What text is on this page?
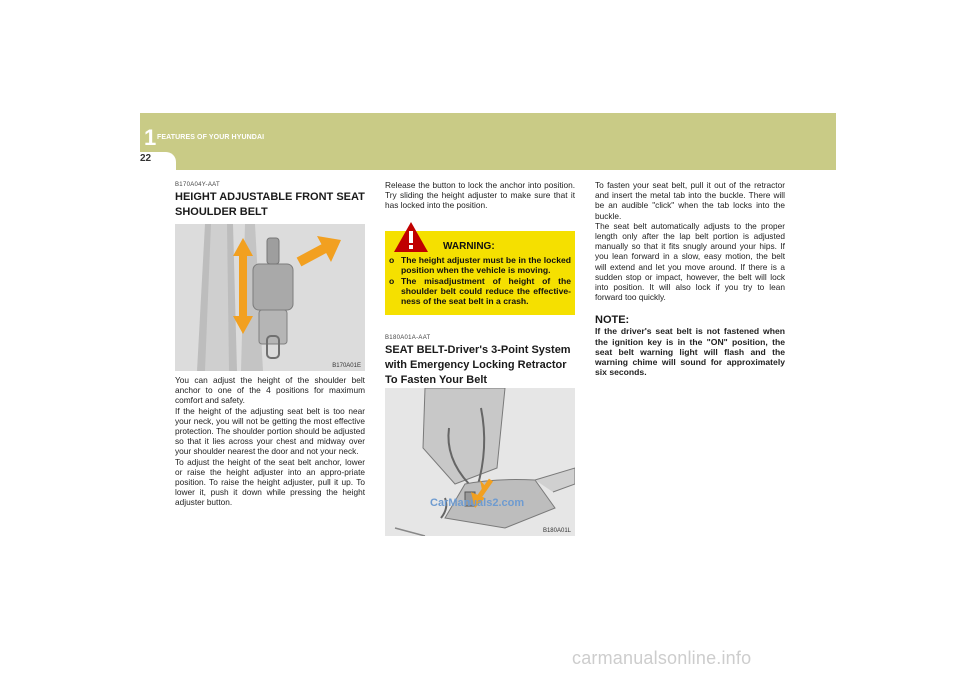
1 FEATURES OF YOUR HYUNDAI
22
B170A04Y-AAT
HEIGHT ADJUSTABLE FRONT SEAT SHOULDER BELT
B170A01E

You can adjust the height of the shoulder belt anchor to one of the 4 positions for maximum comfort and safety.

If the height of the adjusting seat belt is too near your neck, you will not be getting the most effective protection. The shoulder portion should be adjusted so that it lies across your chest and midway over your shoulder nearest the door and not your neck.

To adjust the height of the seat belt anchor, lower or raise the height adjuster into an appro-priate position. To raise the height adjuster, pull it up. To lower it, push it down while pressing the height adjuster button.

Release the button to lock the anchor into position. Try sliding the height adjuster to make sure that it has locked into the position.

WARNING:
o The height adjuster must be in the locked position when the vehicle is moving.
o The misadjustment of height of the shoulder belt could reduce the effective-ness of the seat belt in a crash.
B180A01A-AAT
SEAT BELT-Driver's 3-Point System with Emergency Locking Retractor
To Fasten Your Belt
B180A01L
CarManuals2.com

To fasten your seat belt, pull it out of the retractor and insert the metal tab into the buckle. There will be an audible "click" when the tab locks into the buckle.

The seat belt automatically adjusts to the proper length only after the lap belt portion is adjusted manually so that it fits snugly around your hips. If you lean forward in a slow, easy motion, the belt will extend and let you move around. If there is a sudden stop or impact, however, the belt will lock into position. It will also lock if you try to lean forward too quickly.

NOTE:

If the driver's seat belt is not fastened when the ignition key is in the "ON" position, the seat belt warning light will flash and the warning chime will sound for approximately six seconds.

carmanualsonline.info
